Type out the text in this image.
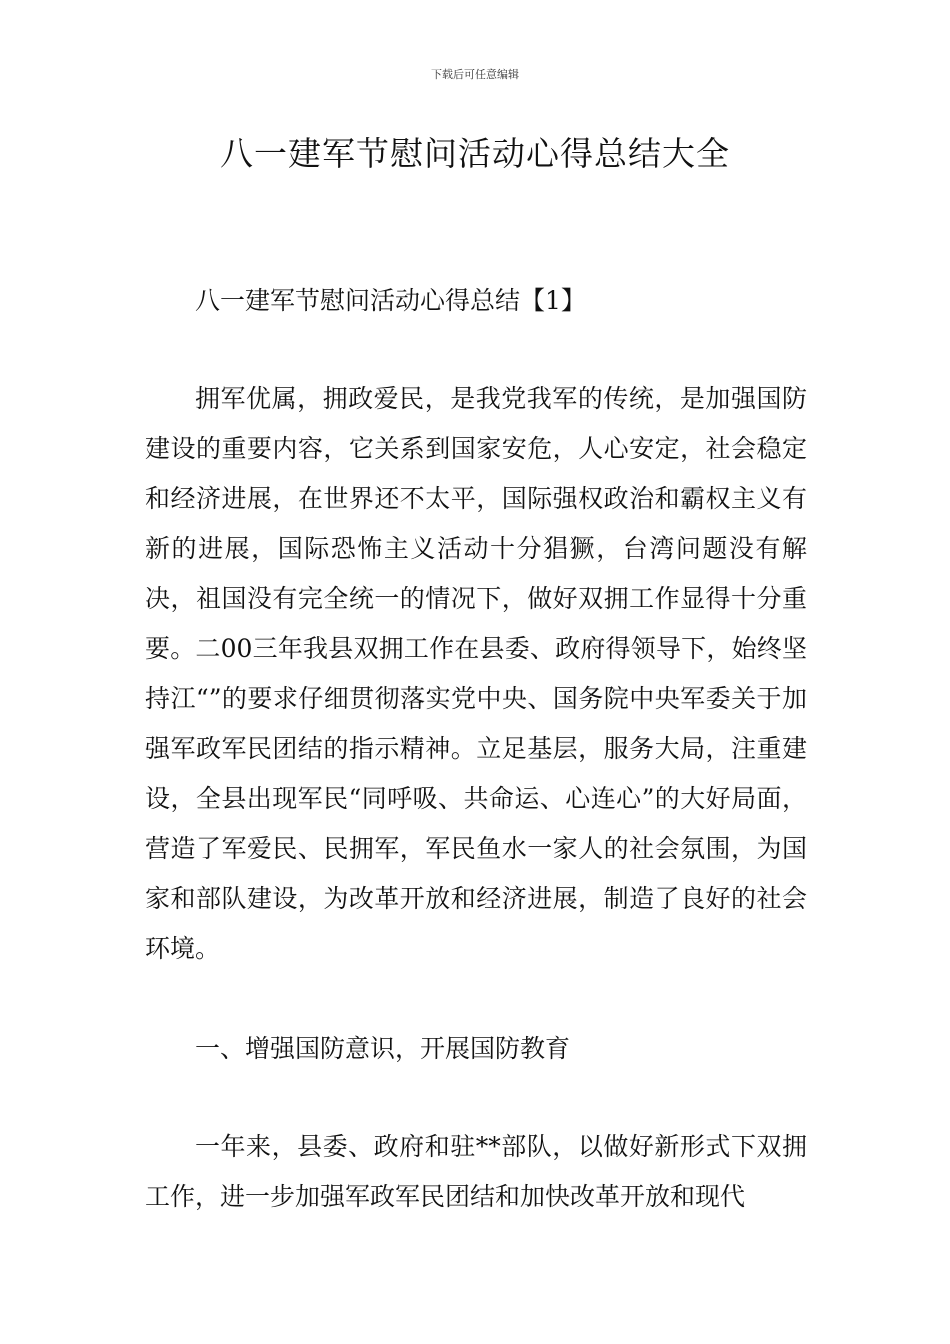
下载后可任意编辑
八一建军节慰问活动心得总结大全

八一建军节慰问活动心得总结【1】

拥军优属，拥政爱民，是我党我军的传统，是加强国防建设的重要内容，它关系到国家安危，人心安定，社会稳定和经济进展，在世界还不太平，国际强权政治和霸权主义有新的进展，国际恐怖主义活动十分猖獗，台湾问题没有解决，祖国没有完全统一的情况下，做好双拥工作显得十分重要。二00三年我县双拥工作在县委、政府得领导下，始终坚持江“”的要求仔细贯彻落实党中央、国务院中央军委关于加强军政军民团结的指示精神。立足基层，服务大局，注重建设，全县出现军民“同呼吸、共命运、心连心”的大好局面，营造了军爱民、民拥军，军民鱼水一家人的社会氛围，为国家和部队建设，为改革开放和经济进展，制造了良好的社会环境。

一、增强国防意识，开展国防教育

一年来，县委、政府和驻**部队，以做好新形式下双拥工作，进一步加强军政军民团结和加快改革开放和现代
